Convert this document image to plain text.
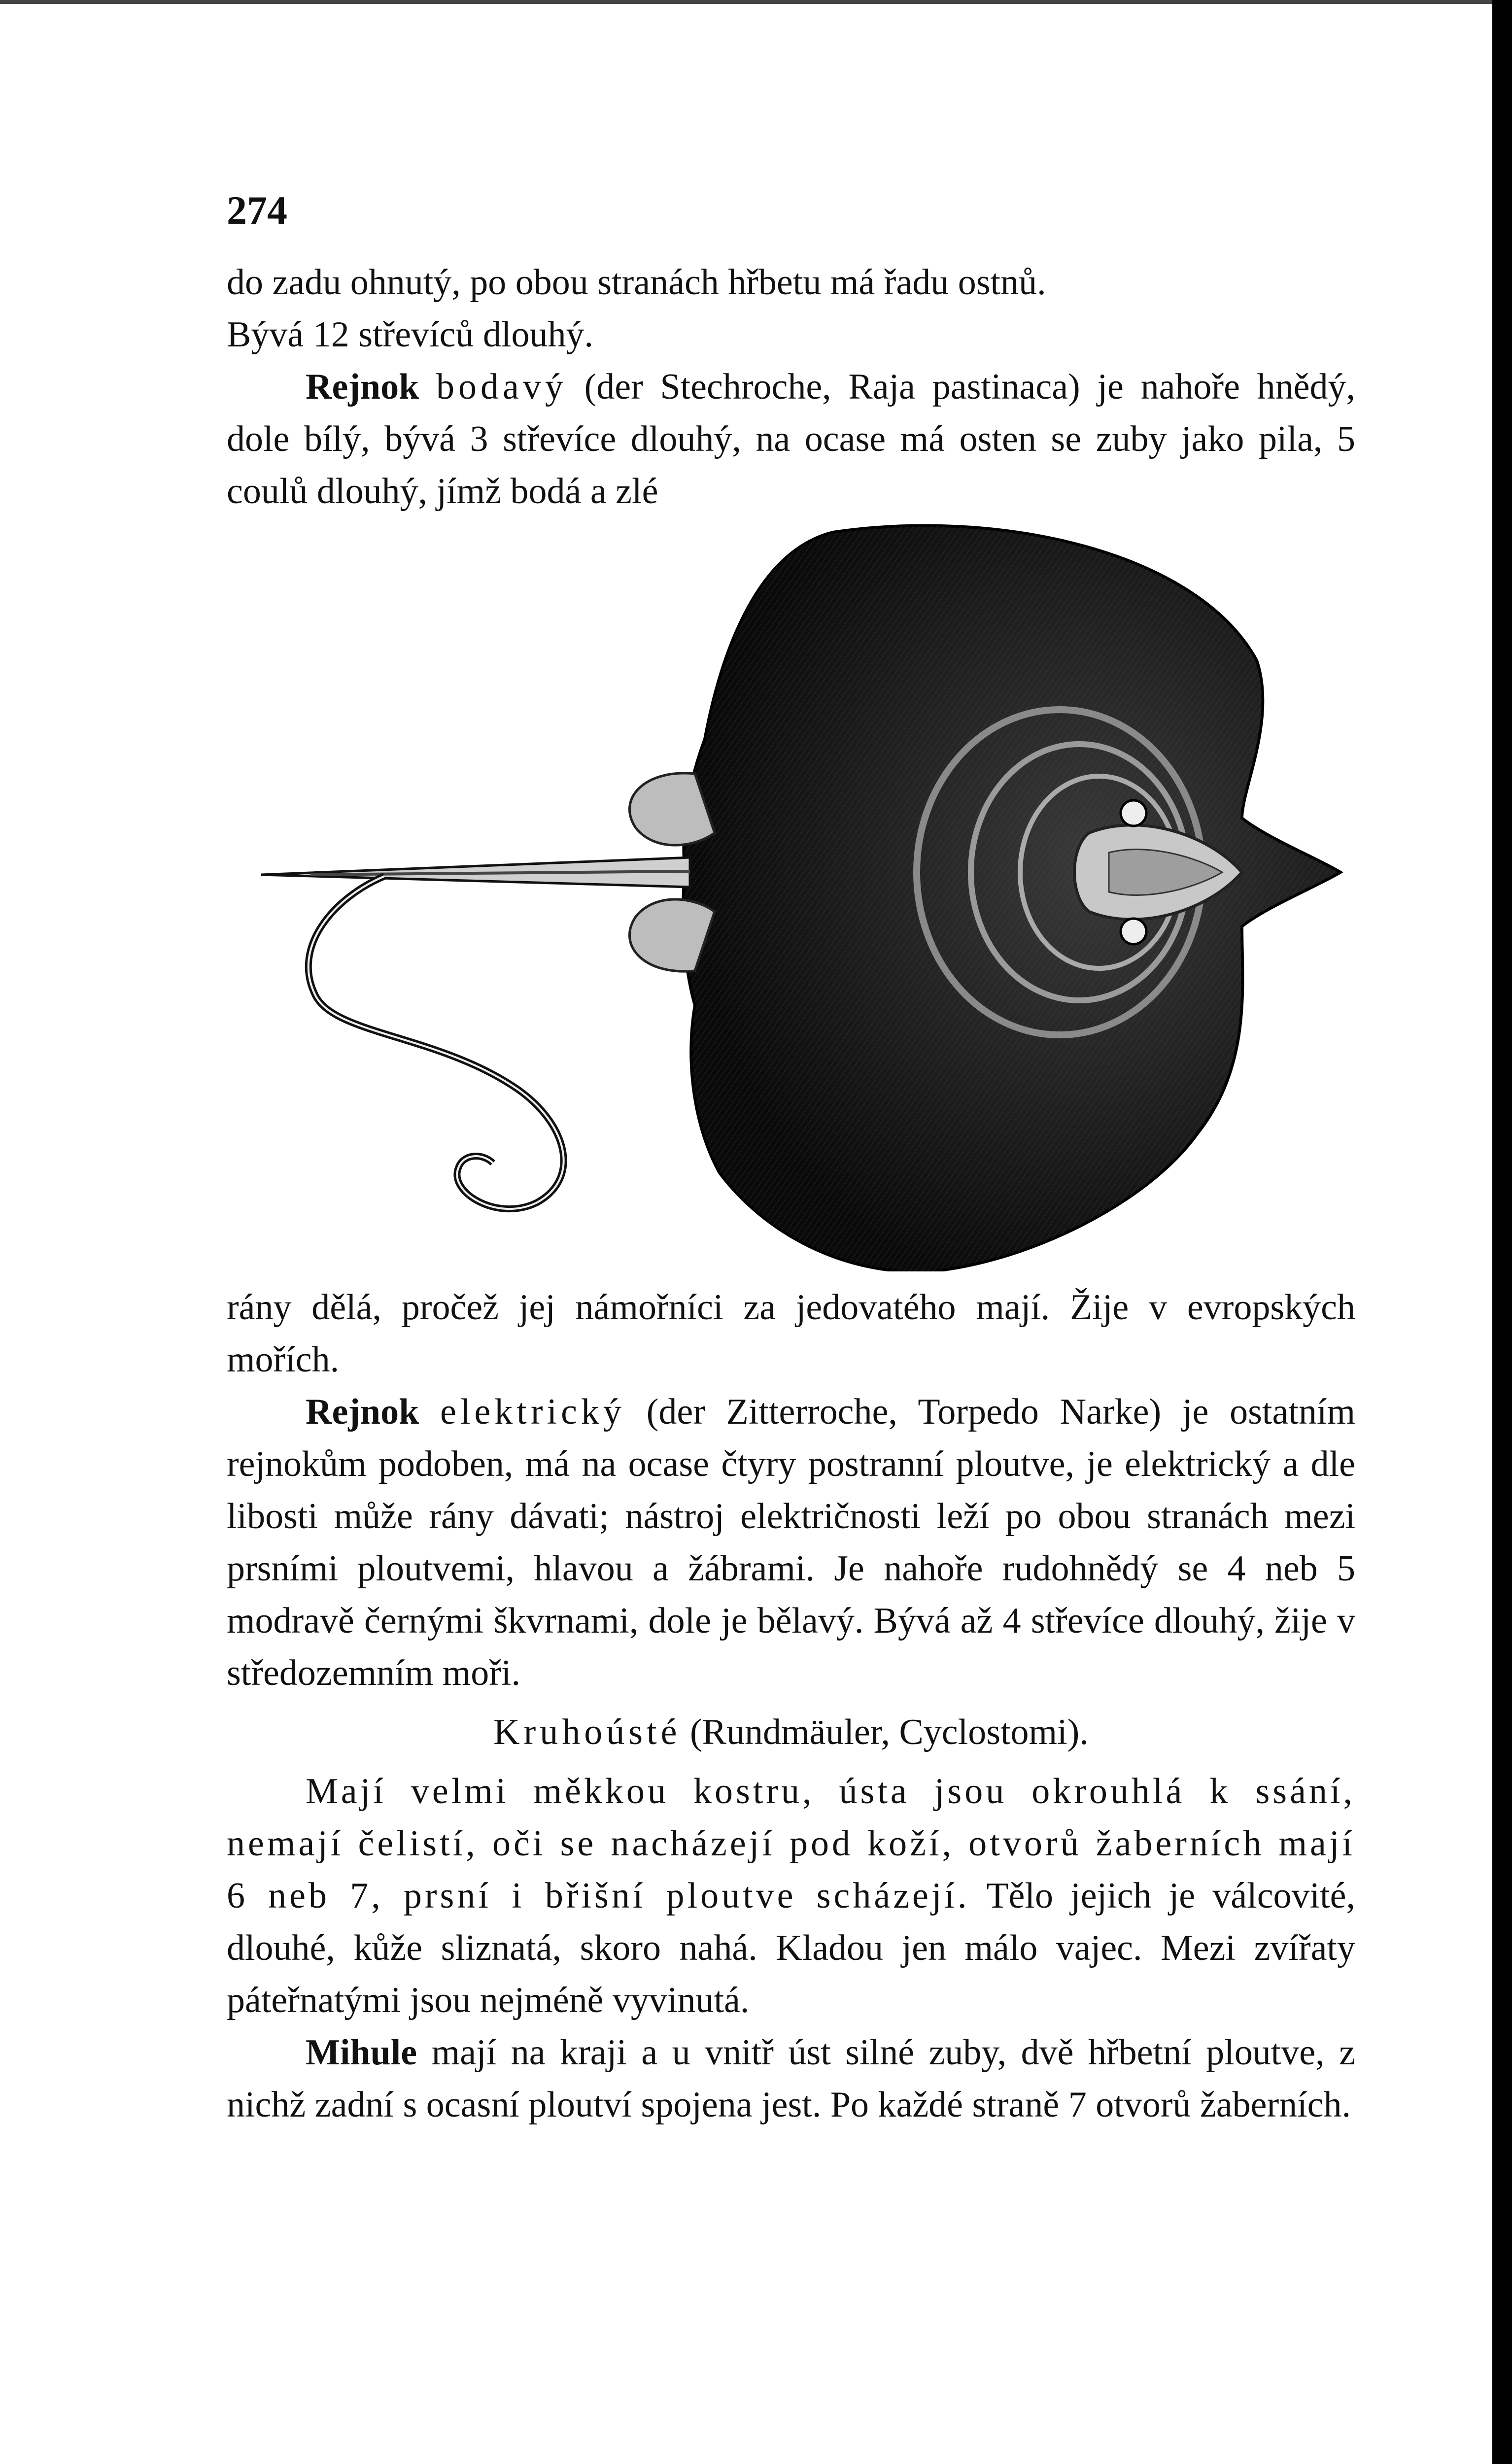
274

do zadu ohnutý, po obou stranách hřbetu má řadu ostnů.
Bývá 12 střevíců dlouhý.

Rejnok bodavý (der Stechroche, Raja pastinaca) je nahoře hnědý, dole bílý, bývá 3 střevíce dlouhý, na ocase má osten se zuby jako pila, 5 coulů dlouhý, jímž bodá a zlé

rány dělá, pročež jej námořníci za jedovatého mají. Žije v evropských mořích.

Rejnok elektrický (der Zitterroche, Torpedo Narke) je ostatním rejnokům podoben, má na ocase čtyry postranní ploutve, je elektrický a dle libosti může rány dávati; nástroj električnosti leží po obou stranách mezi prsními ploutvemi, hlavou a žábrami. Je nahoře rudohnědý se 4 neb 5 modravě černými škvrnami, dole je bělavý. Bývá až 4 střevíce dlouhý, žije v středozemním moři.

Kruhoústé (Rundmäuler, Cyclostomi).

Mají velmi měkkou kostru, ústa jsou okrouhlá k ssání, nemají čelistí, oči se nacházejí pod koží, otvorů žaberních mají 6 neb 7, prsní i břišní ploutve scházejí. Tělo jejich je válcovité, dlouhé, kůže sliznatá, skoro nahá. Kladou jen málo vajec. Mezi zvířaty páteřnatými jsou nejméně vyvinutá.

Mihule mají na kraji a u vnitř úst silné zuby, dvě hřbetní ploutve, z nichž zadní s ocasní ploutví spojena jest. Po každé straně 7 otvorů žaberních.
